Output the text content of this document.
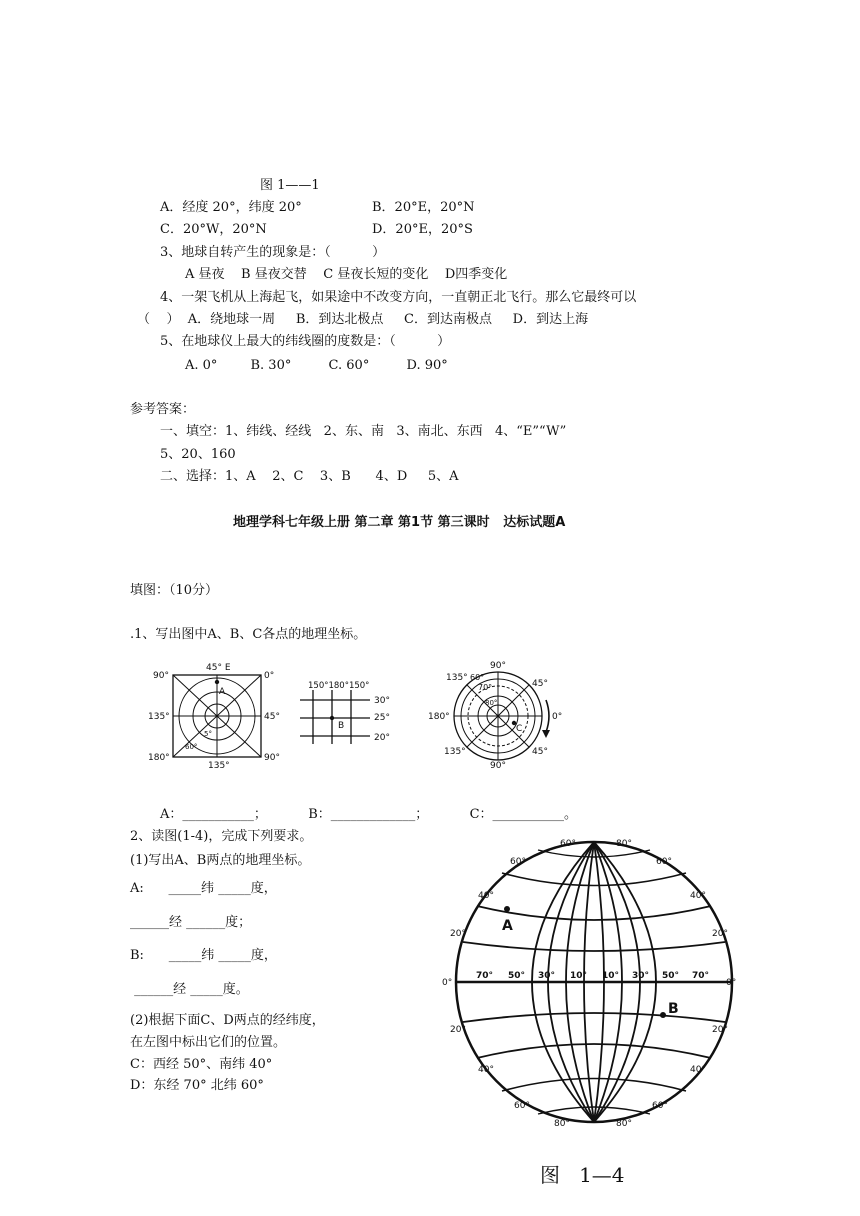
图 1——1
A．经度 20°，纬度 20°	B．20°E，20°N
C．20°W，20°N	D．20°E，20°S
3、地球自转产生的现象是：（          ）
A 昼夜    B 昼夜交替    C 昼夜长短的变化    D四季变化
4、一架飞机从上海起飞，如果途中不改变方向，一直朝正北飞行。那么它最终可以
（    ）  A．绕地球一周     B．到达北极点     C．到达南极点     D．到达上海
5、在地球仪上最大的纬线圈的度数是：（          ）
A. 0°        B. 30°         C. 60°         D. 90°
参考答案：
一、填空：1、纬线、经线   2、东、南   3、南北、东西   4、“E”“W”
5、20、160
二、选择：1、A    2、C    3、B      4、D     5、A
地理学科七年级上册 第二章 第1节 第三课时   达标试题A
填图：（10分）
.1、写出图中A、B、C各点的地理坐标。
45° E
90°	0°
135°	45°
180°
135°
90°
A
5°
60°
150°180°150°
30°
25°
20°
B
90°
135° 60°
70°
80°
45°
180°	0°
135°
90°
45°
C
A：___________；          B：_____________；          C：___________。
2、读图(1-4)，完成下列要求。
(1)写出A、B两点的地理坐标。
A:      _____纬 _____度，
______经 ______度；
B:      _____纬 _____度，
______经 _____度。
(2)根据下面C、D两点的经纬度，
在左图中标出它们的位置。
C：西经 50°、南纬 40°
D：东经 70° 北纬 60°
A
B
60°	80°
60°	60°
40°
20°
0°
20°
40°
40°
20°
0°
20°
40°
70° 50° 30° 10° 10° 30° 50° 70°
60°	60°
80°	80°
图   1—4
